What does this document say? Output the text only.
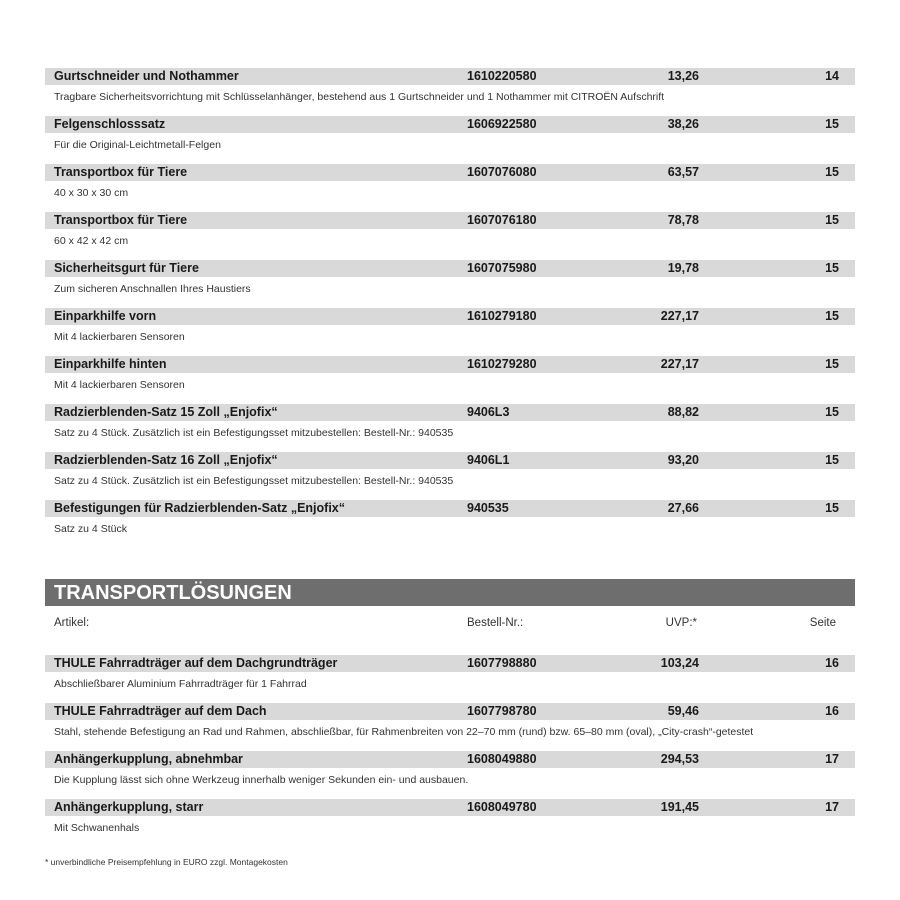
Gurtschneider und Nothammer	1610220580	13,26	14
Tragbare Sicherheitsvorrichtung mit Schlüsselanhänger, bestehend aus 1 Gurtschneider und 1 Nothammer mit CITROËN Aufschrift
Felgenschlosssatz	1606922580	38,26	15
Für die Original-Leichtmetall-Felgen
Transportbox für Tiere	1607076080	63,57	15
40 x 30 x 30 cm
Transportbox für Tiere	1607076180	78,78	15
60 x 42 x 42 cm
Sicherheitsgurt für Tiere	1607075980	19,78	15
Zum sicheren Anschnallen Ihres Haustiers
Einparkhilfe vorn	1610279180	227,17	15
Mit 4 lackierbaren Sensoren
Einparkhilfe hinten	1610279280	227,17	15
Mit 4 lackierbaren Sensoren
Radzierblenden-Satz 15 Zoll „Enjofix“	9406L3	88,82	15
Satz zu 4 Stück. Zusätzlich ist ein Befestigungsset mitzubestellen: Bestell-Nr.: 940535
Radzierblenden-Satz 16 Zoll „Enjofix“	9406L1	93,20	15
Satz zu 4 Stück. Zusätzlich ist ein Befestigungsset mitzubestellen: Bestell-Nr.: 940535
Befestigungen für Radzierblenden-Satz „Enjofix“	940535	27,66	15
Satz zu 4 Stück
TRANSPORTLÖSUNGEN
Artikel:	Bestell-Nr.:	UVP:*	Seite
THULE Fahrradträger auf dem Dachgrundträger	1607798880	103,24	16
Abschließbarer Aluminium Fahrradträger für 1 Fahrrad
THULE Fahrradträger auf dem Dach	1607798780	59,46	16
Stahl, stehende Befestigung an Rad und Rahmen, abschließbar, für Rahmenbreiten von 22–70 mm (rund) bzw. 65–80 mm (oval), „City-crash“-getestet
Anhängerkupplung, abnehmbar	1608049880	294,53	17
Die Kupplung lässt sich ohne Werkzeug innerhalb weniger Sekunden ein- und ausbauen.
Anhängerkupplung, starr	1608049780	191,45	17
Mit Schwanenhals
* unverbindliche Preisempfehlung in EURO zzgl. Montagekosten
